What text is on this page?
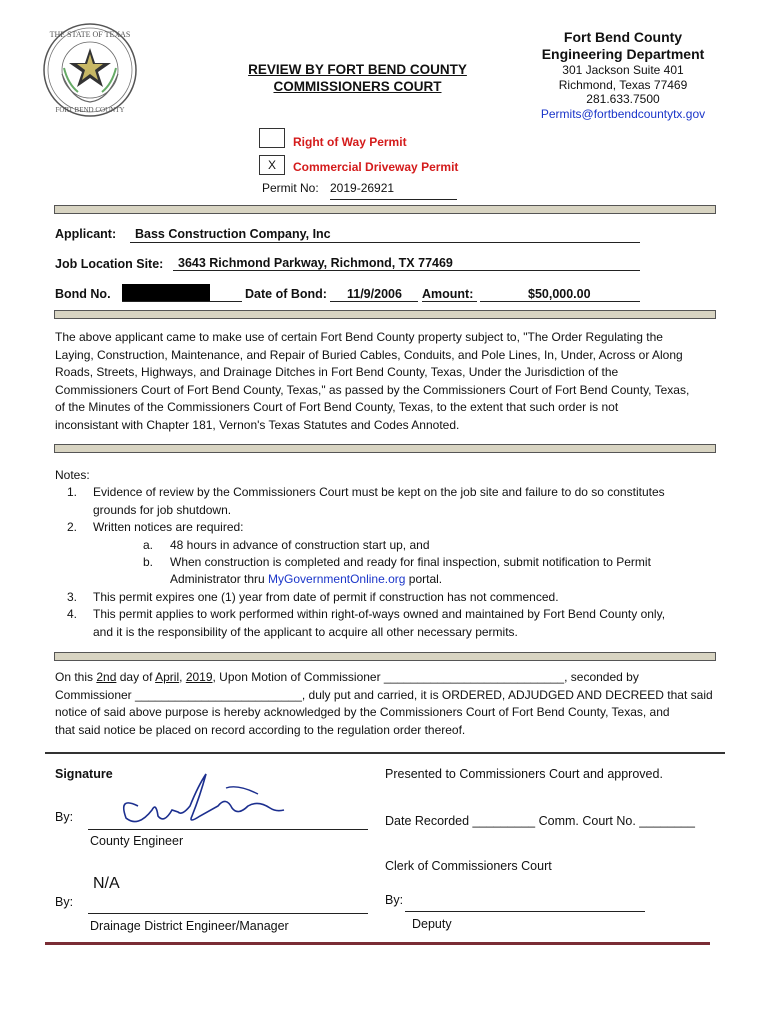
THE STATE OF TEXAS
FORT BEND COUNTY
REVIEW BY FORT BEND COUNTY
COMMISSIONERS COURT
Fort Bend County
Engineering Department
301 Jackson Suite 401
Richmond, Texas 77469
281.633.7500
Permits@fortbendcountytx.gov
Right of Way Permit
X	Commercial Driveway Permit
Permit No: 2019-26921
Applicant: Bass Construction Company, Inc
Job Location Site: 3643 Richmond Parkway, Richmond, TX 77469
Bond No.	Date of Bond: 11/9/2006 Amount:	$50,000.00
The above applicant came to make use of certain Fort Bend County property subject to, "The Order Regulating the
Laying, Construction, Maintenance, and Repair of Buried Cables, Conduits, and Pole Lines, In, Under, Across or Along
Roads, Streets, Highways, and Drainage Ditches in Fort Bend County, Texas, Under the Jurisdiction of the
Commissioners Court of Fort Bend County, Texas," as passed by the Commissioners Court of Fort Bend County, Texas,
of the Minutes of the Commissioners Court of Fort Bend County, Texas, to the extent that such order is not
inconsistant with Chapter 181, Vernon's Texas Statutes and Codes Annoted.
Notes:
1. Evidence of review by the Commissioners Court must be kept on the job site and failure to do so constitutes
grounds for job shutdown.
2. Written notices are required:
a. 48 hours in advance of construction start up, and
b. When construction is completed and ready for final inspection, submit notification to Permit
Administrator thru MyGovernmentOnline.org portal.
3. This permit expires one (1) year from date of permit if construction has not commenced.
4. This permit applies to work performed within right-of-ways owned and maintained by Fort Bend County only,
and it is the responsibility of the applicant to acquire all other necessary permits.
On this 2nd day of April, 2019, Upon Motion of Commissioner ___________________________, seconded by
Commissioner _________________________, duly put and carried, it is ORDERED, ADJUDGED AND DECREED that said
notice of said above purpose is hereby acknowledged by the Commissioners Court of Fort Bend County, Texas, and
that said notice be placed on record according to the regulation order thereof.
Signature
By:
County Engineer
N/A
By:
Drainage District Engineer/Manager
Presented to Commissioners Court and approved.
Date Recorded _________ Comm. Court No. ________
Clerk of Commissioners Court
By:
Deputy
